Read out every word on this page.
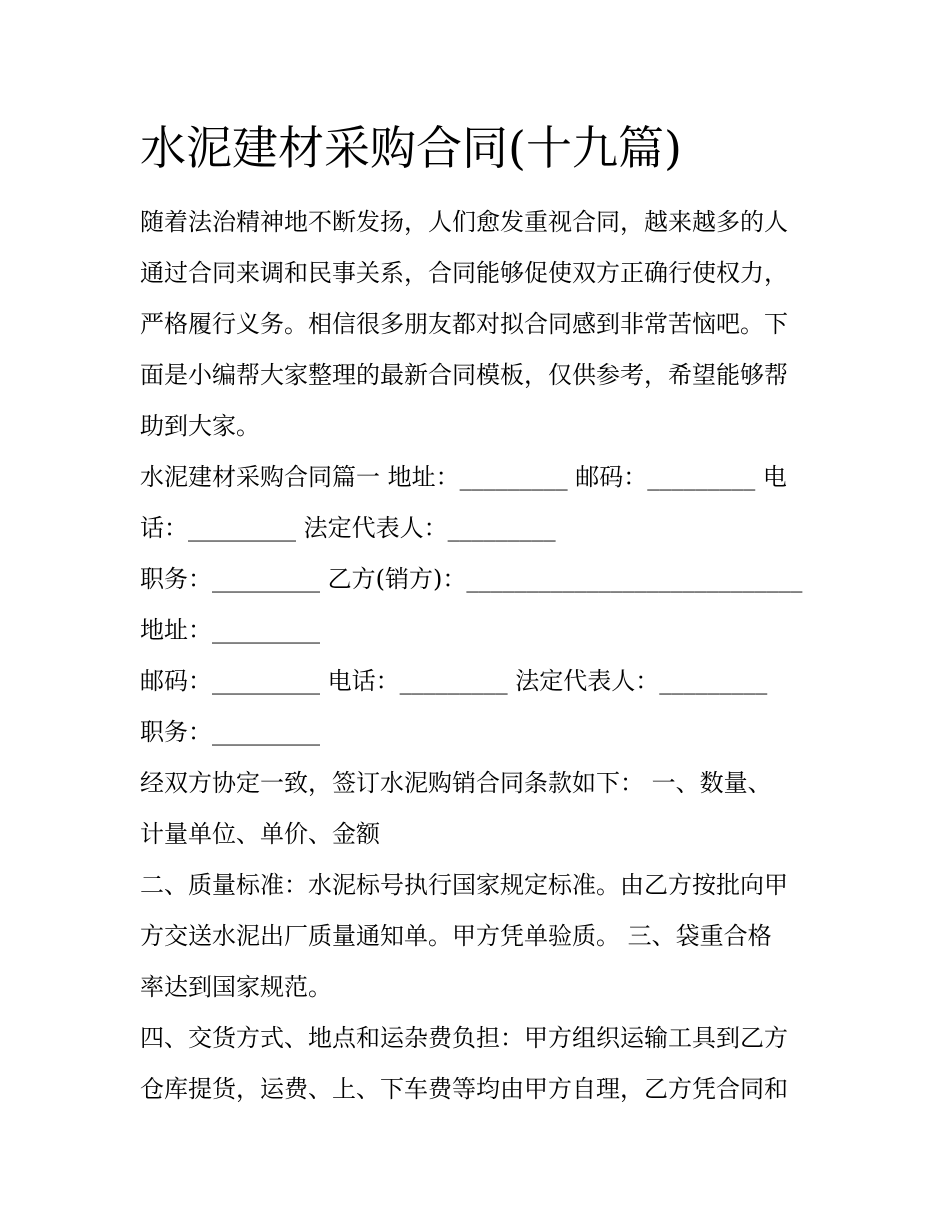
水泥建材采购合同(十九篇)
随着法治精神地不断发扬，人们愈发重视合同，越来越多的人
通过合同来调和民事关系，合同能够促使双方正确行使权力，
严格履行义务。相信很多朋友都对拟合同感到非常苦恼吧。下
面是小编帮大家整理的最新合同模板，仅供参考，希望能够帮
助到大家。
水泥建材采购合同篇一 地址：_________ 邮码：_________ 电
话：_________ 法定代表人：_________
职务：_________ 乙方(销方)：____________________________
地址：_________
邮码：_________ 电话：_________ 法定代表人：_________
职务：_________
经双方协定一致，签订水泥购销合同条款如下： 一、数量、
计量单位、单价、金额
二、质量标准：水泥标号执行国家规定标准。由乙方按批向甲
方交送水泥出厂质量通知单。甲方凭单验质。 三、袋重合格
率达到国家规范。
四、交货方式、地点和运杂费负担：甲方组织运输工具到乙方
仓库提货，运费、上、下车费等均由甲方自理，乙方凭合同和
